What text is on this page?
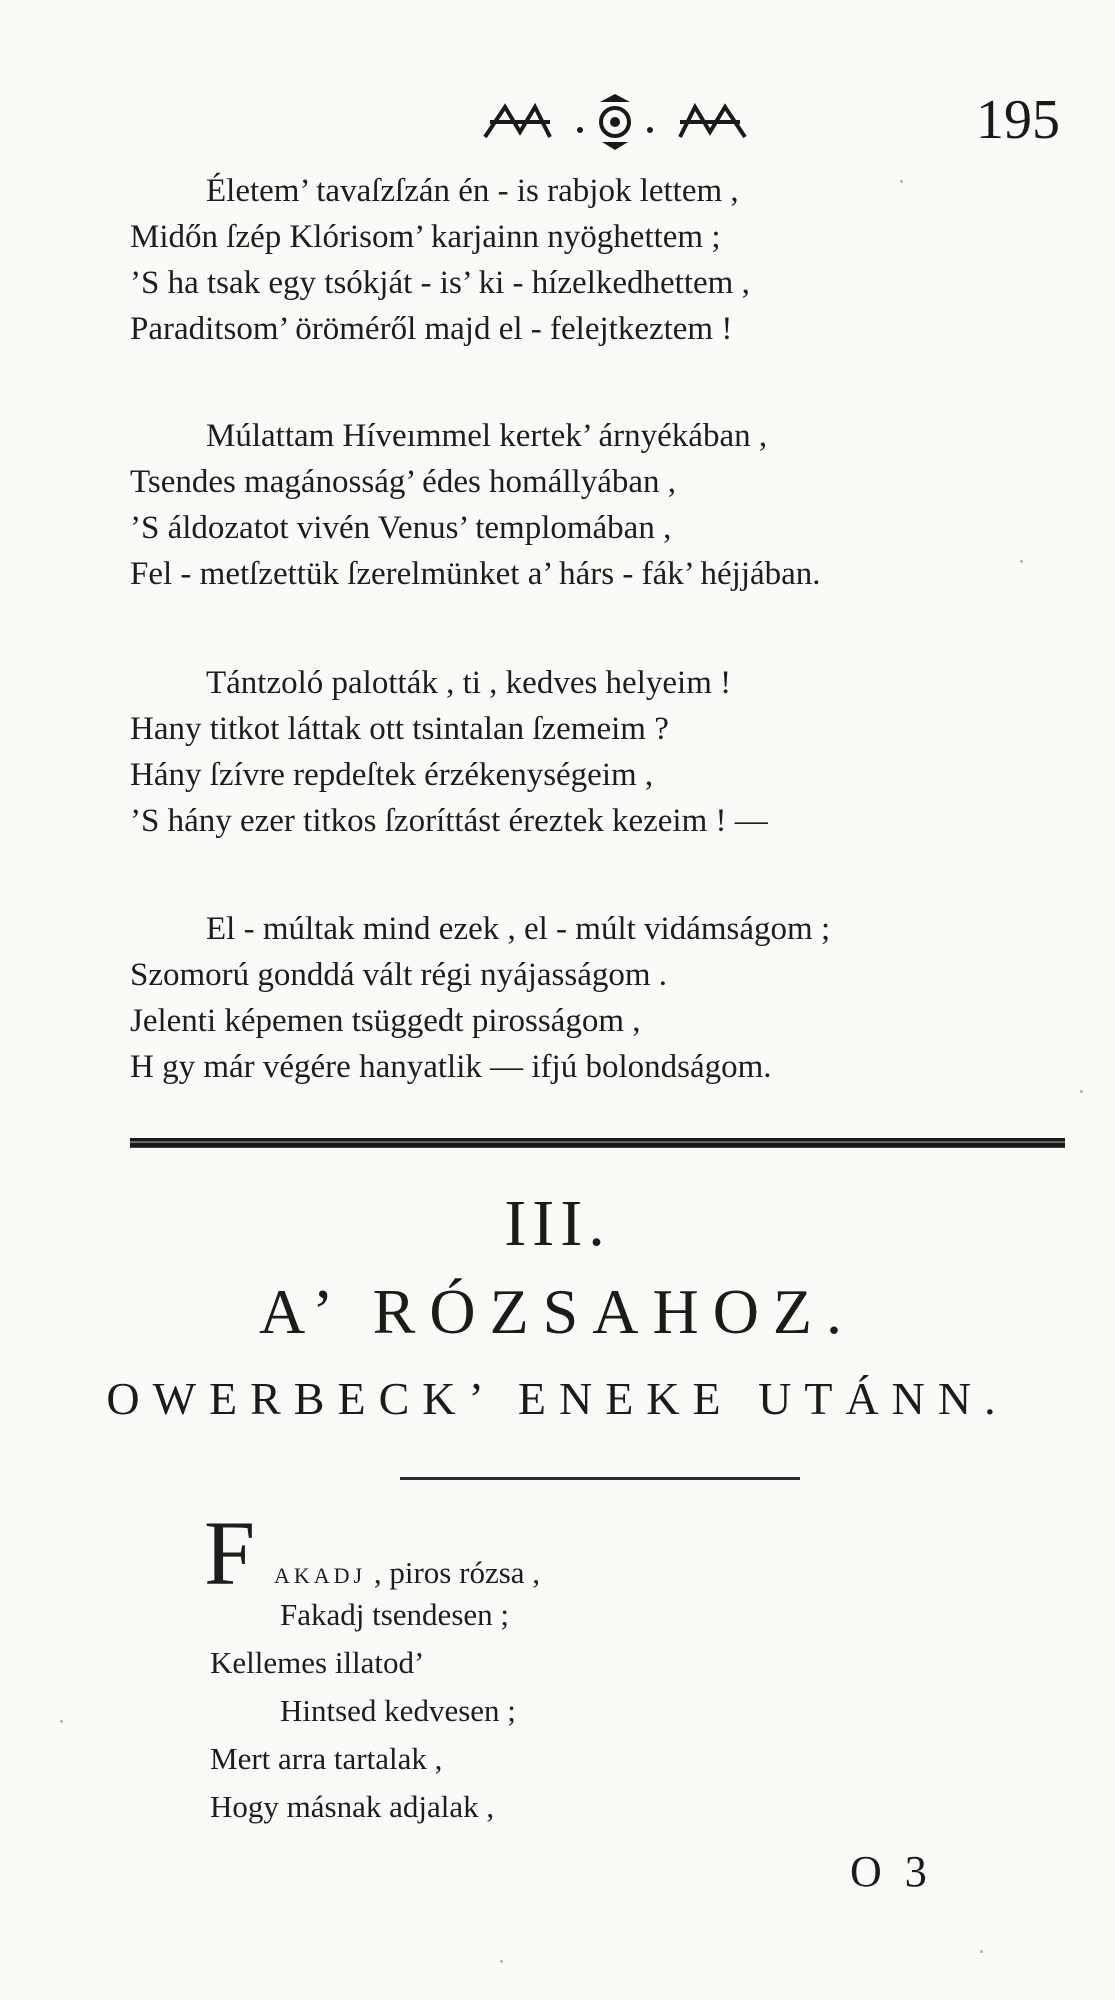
195
Életem’ tavaſzſzán én - is rabjok lettem ,
Midőn ſzép Klórisom’ karjainn nyöghettem ;
’S ha tsak egy tsókját - is’ ki - hízelkedhettem ,
Paraditsom’ öröméről majd el - felejtkeztem !
Múlattam Híveımmel kertek’ árnyékában ,
Tsendes magánosság’ édes homállyában ,
’S áldozatot vivén Venus’ templomában ,
Fel - metſzettük ſzerelmünket a’ hárs - fák’ héjjában.
Tántzoló palották , ti , kedves helyeim !
Hany titkot láttak ott tsintalan ſzemeim ?
Hány ſzívre repdeſtek érzékenységeim ,
’S hány ezer titkos ſzoríttást éreztek kezeim ! —
El - múltak mind ezek , el - múlt vidámságom ;
Szomorú gonddá vált régi nyájasságom .
Jelenti képemen tsüggedt pirosságom ,
H gy már végére hanyatlik — ifjú bolondságom.
III.
A’ RÓZSAHOZ.
OWERBECK’ ENEKE UTÁNN.
F AKADJ , piros rózsa ,
Fakadj tsendesen ;
Kellemes illatod’
Hintsed kedvesen ;
Mert arra tartalak ,
Hogy másnak adjalak ,
O 3
